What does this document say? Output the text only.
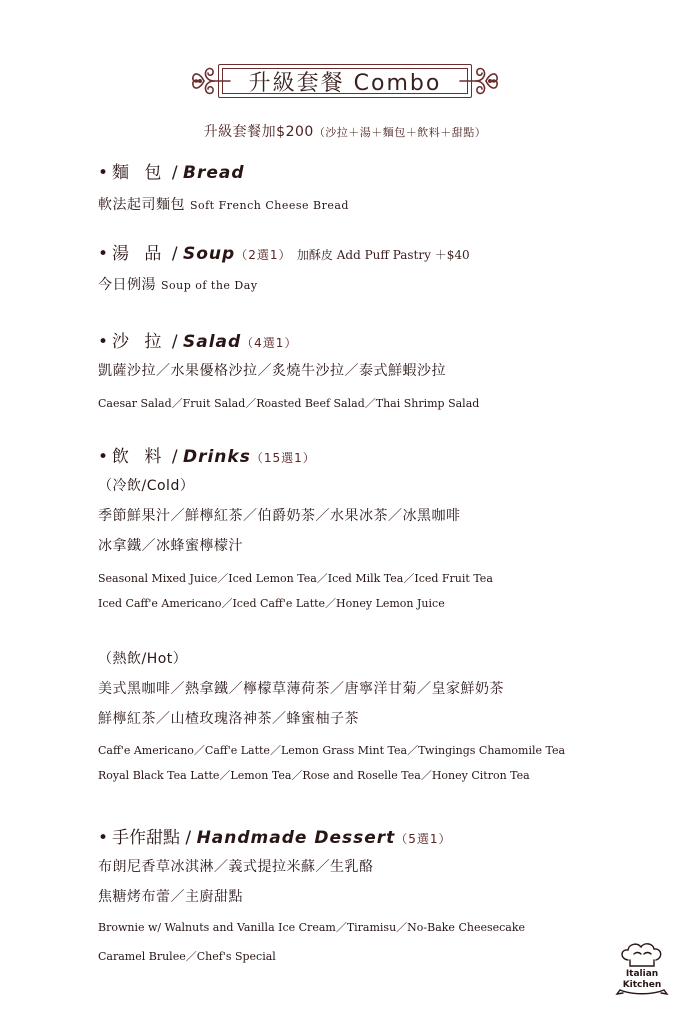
升級套餐 Combo
升級套餐加$200（沙拉＋湯＋麵包＋飲料＋甜點）
• 麵 包 / Bread
軟法起司麵包 Soft French Cheese Bread
• 湯 品 / Soup（2選1） 加酥皮 Add Puff Pastry ＋$40
今日例湯 Soup of the Day
• 沙 拉 / Salad（4選1）
凱薩沙拉／水果優格沙拉／炙燒牛沙拉／泰式鮮蝦沙拉
Caesar Salad／Fruit Salad／Roasted Beef Salad／Thai Shrimp Salad
• 飲 料 / Drinks（15選1）
（冷飲/Cold）
季節鮮果汁／鮮檸紅茶／伯爵奶茶／水果冰茶／冰黑咖啡
冰拿鐵／冰蜂蜜檸檬汁
Seasonal Mixed Juice／Iced Lemon Tea／Iced Milk Tea／Iced Fruit Tea
Iced Caff'e Americano／Iced Caff'e Latte／Honey Lemon Juice
（熱飲/Hot）
美式黑咖啡／熱拿鐵／檸檬草薄荷茶／唐寧洋甘菊／皇家鮮奶茶
鮮檸紅茶／山楂玫瑰洛神茶／蜂蜜柚子茶
Caff'e Americano／Caff'e Latte／Lemon Grass Mint Tea／Twingings Chamomile Tea
Royal Black Tea Latte／Lemon Tea／Rose and Roselle Tea／Honey Citron Tea
• 手作甜點 / Handmade Dessert（5選1）
布朗尼香草冰淇淋／義式提拉米蘇／生乳酪
焦糖烤布蕾／主廚甜點
Brownie w/ Walnuts and Vanilla Ice Cream／Tiramisu／No-Bake Cheesecake
Caramel Brulee／Chef's Special
Italian
Kitchen
